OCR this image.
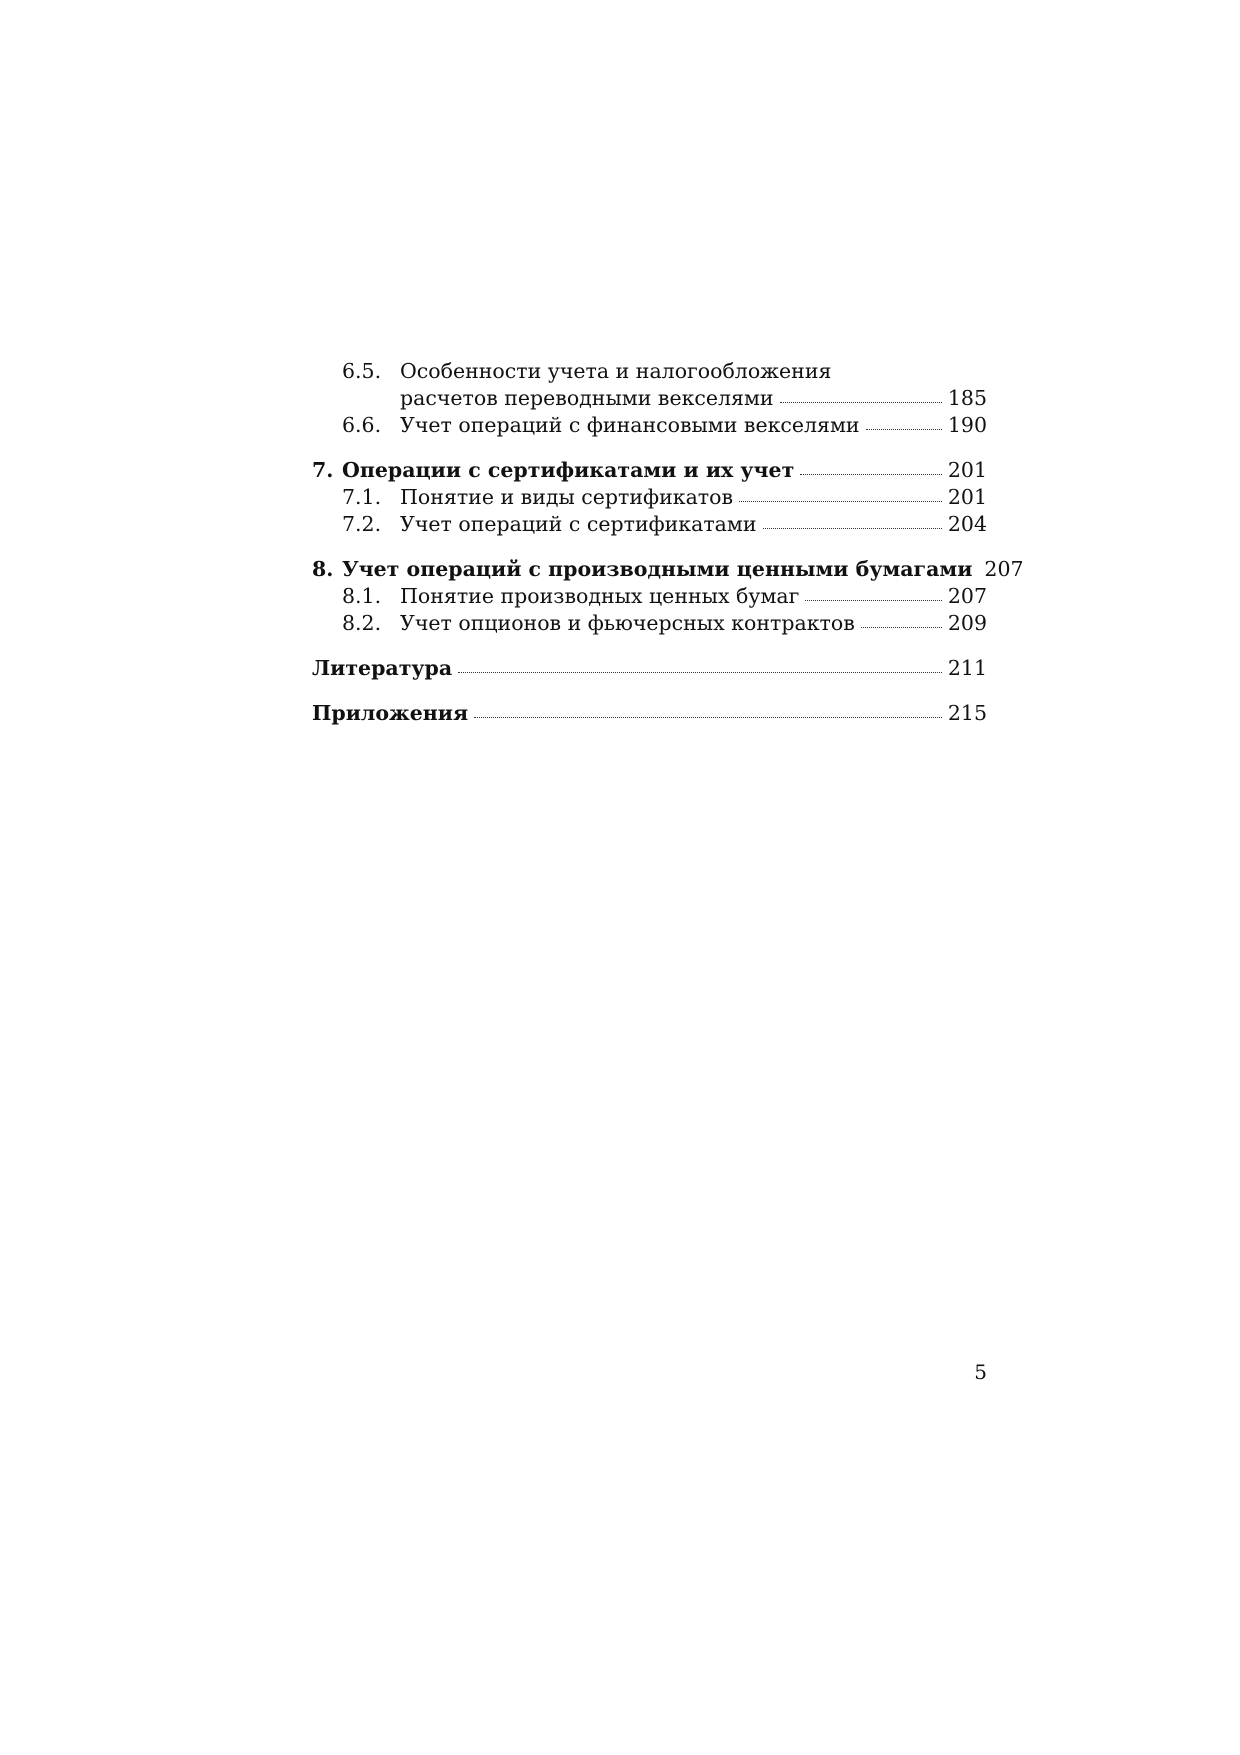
6.5. Особенности учета и налогообложения
расчетов переводными векселями	185
6.6. Учет операций с финансовыми векселями	190
7. Операции с сертификатами и их учет	201
7.1. Понятие и виды сертификатов	201
7.2. Учет операций с сертификатами	204
8. Учет операций с производными ценными бумагами 207
8.1. Понятие производных ценных бумаг	207
8.2. Учет опционов и фьючерсных контрактов	209
Литература	211
Приложения	215
5
